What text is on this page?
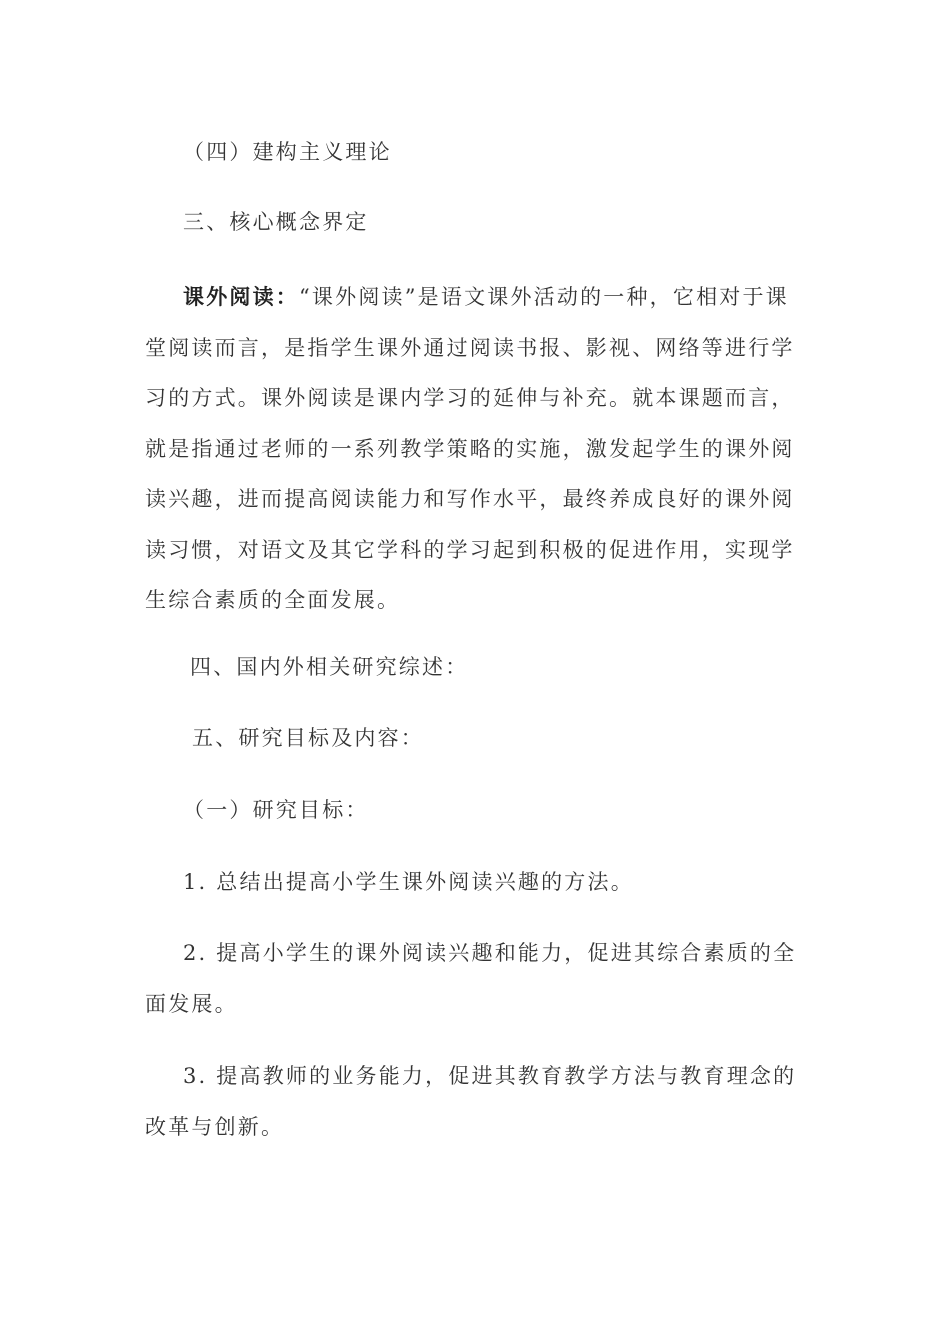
（四）建构主义理论
三、核心概念界定
课外阅读：“课外阅读”是语文课外活动的一种，它相对于课堂阅读而言，是指学生课外通过阅读书报、影视、网络等进行学习的方式。课外阅读是课内学习的延伸与补充。就本课题而言，就是指通过老师的一系列教学策略的实施，激发起学生的课外阅读兴趣，进而提高阅读能力和写作水平，最终养成良好的课外阅读习惯，对语文及其它学科的学习起到积极的促进作用，实现学生综合素质的全面发展。
四、国内外相关研究综述：
五、研究目标及内容：
（一）研究目标：
1. 总结出提高小学生课外阅读兴趣的方法。
2. 提高小学生的课外阅读兴趣和能力，促进其综合素质的全面发展。
3. 提高教师的业务能力，促进其教育教学方法与教育理念的改革与创新。
